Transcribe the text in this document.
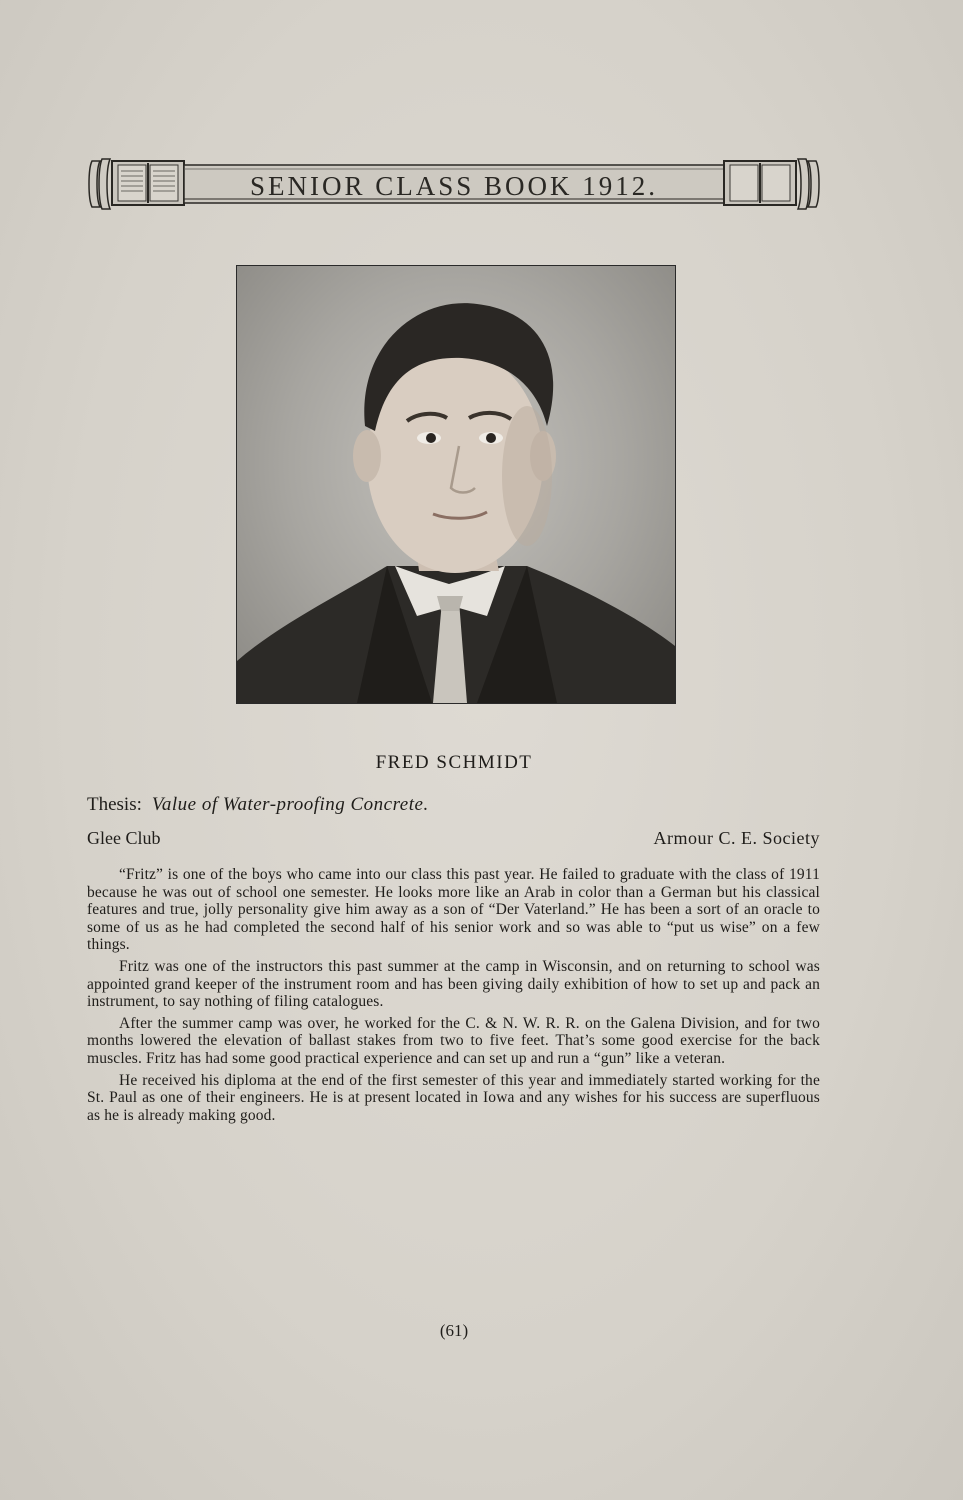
SENIOR CLASS BOOK 1912.
FRED SCHMIDT
Thesis: Value of Water-proofing Concrete.
Glee Club	Armour C. E. Society

“Fritz” is one of the boys who came into our class this past year. He failed to graduate with the class of 1911 because he was out of school one semester. He looks more like an Arab in color than a German but his classical features and true, jolly personality give him away as a son of “Der Vaterland.” He has been a sort of an oracle to some of us as he had completed the second half of his senior work and so was able to “put us wise” on a few things.

Fritz was one of the instructors this past summer at the camp in Wisconsin, and on returning to school was appointed grand keeper of the instrument room and has been giving daily exhibition of how to set up and pack an instrument, to say nothing of filing catalogues.

After the summer camp was over, he worked for the C. & N. W. R. R. on the Galena Division, and for two months lowered the elevation of ballast stakes from two to five feet. That’s some good exercise for the back muscles. Fritz has had some good practical experience and can set up and run a “gun” like a veteran.

He received his diploma at the end of the first semester of this year and immediately started working for the St. Paul as one of their engineers. He is at present located in Iowa and any wishes for his success are superfluous as he is already making good.

(61)
